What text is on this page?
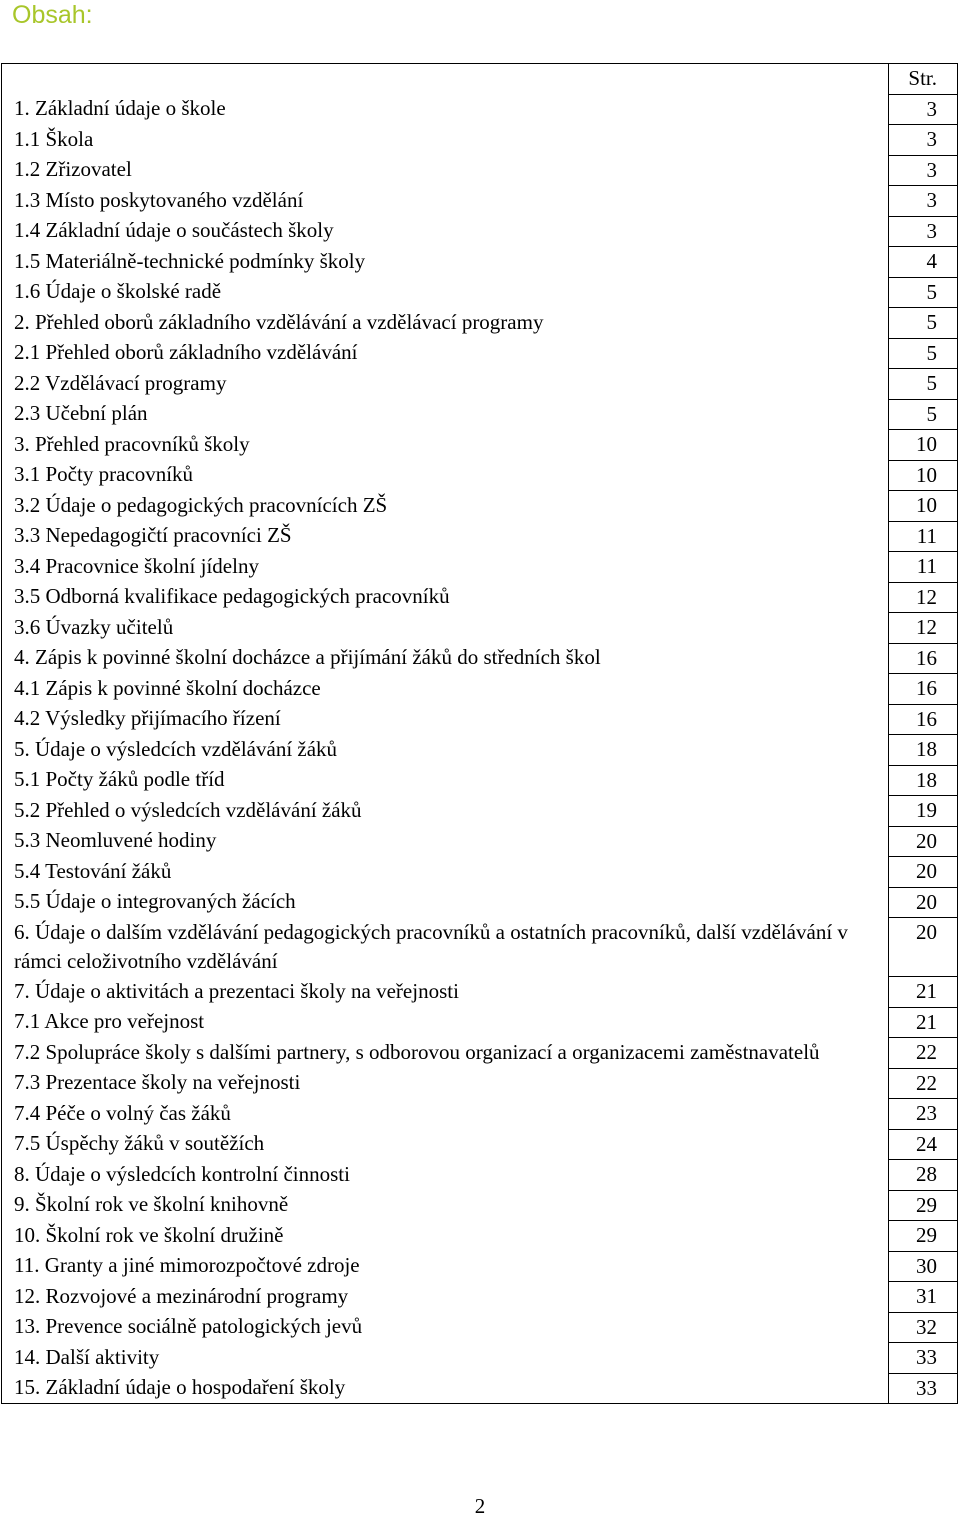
Obsah:
	Str.
1. Základní údaje o škole	3
1.1 Škola	3
1.2 Zřizovatel	3
1.3 Místo poskytovaného vzdělání	3
1.4 Základní údaje o součástech školy	3
1.5 Materiálně-technické podmínky školy	4
1.6 Údaje o školské radě	5
2. Přehled oborů základního vzdělávání a vzdělávací programy	5
2.1 Přehled oborů základního vzdělávání	5
2.2 Vzdělávací programy	5
2.3 Učební plán	5
3. Přehled pracovníků školy	10
3.1 Počty pracovníků	10
3.2 Údaje o pedagogických pracovnících ZŠ	10
3.3 Nepedagogičtí pracovníci ZŠ	11
3.4 Pracovnice školní jídelny	11
3.5 Odborná kvalifikace pedagogických pracovníků	12
3.6 Úvazky učitelů	12
4. Zápis k povinné školní docházce a přijímání žáků do středních škol	16
4.1 Zápis k povinné školní docházce	16
4.2 Výsledky přijímacího řízení	16
5. Údaje o výsledcích vzdělávání žáků	18
5.1 Počty žáků podle tříd	18
5.2 Přehled o výsledcích vzdělávání žáků	19
5.3 Neomluvené hodiny	20
5.4 Testování žáků	20
5.5 Údaje o integrovaných žácích	20
6. Údaje o dalším vzdělávání pedagogických pracovníků a ostatních pracovníků, další vzdělávání v rámci celoživotního vzdělávání	20
7. Údaje o aktivitách a prezentaci školy na veřejnosti	21
7.1 Akce pro veřejnost	21
7.2 Spolupráce školy s dalšími partnery, s odborovou organizací a organizacemi zaměstnavatelů	22
7.3 Prezentace školy na veřejnosti	22
7.4 Péče o volný čas žáků	23
7.5 Úspěchy žáků v soutěžích	24
8. Údaje o výsledcích kontrolní činnosti	28
9. Školní rok ve školní knihovně	29
10. Školní rok ve školní družině	29
11. Granty a jiné mimorozpočtové zdroje	30
12. Rozvojové a mezinárodní programy	31
13. Prevence sociálně patologických jevů	32
14. Další aktivity	33
15. Základní údaje o hospodaření školy	33
2
